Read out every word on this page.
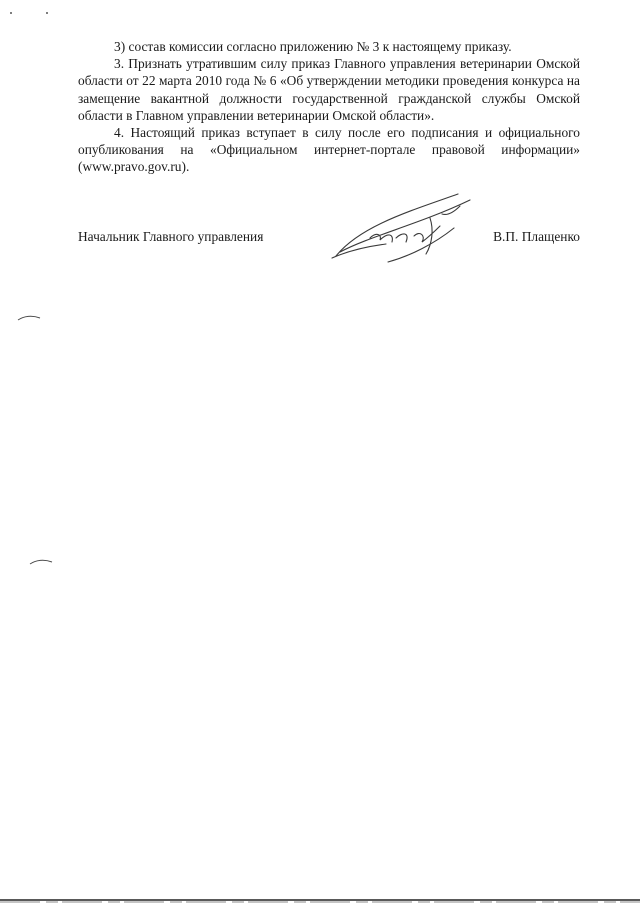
3) состав комиссии согласно приложению № 3 к настоящему приказу.

3. Признать утратившим силу приказ Главного управления ветеринарии Омской области от 22 марта 2010 года № 6 «Об утверждении методики проведения конкурса на замещение вакантной должности государственной гражданской службы Омской области в Главном управлении ветеринарии Омской области».

4. Настоящий приказ вступает в силу после его подписания и официального опубликования на «Официальном интернет-портале правовой информации» (www.pravo.gov.ru).

Начальник Главного управления	В.П. Плащенко
